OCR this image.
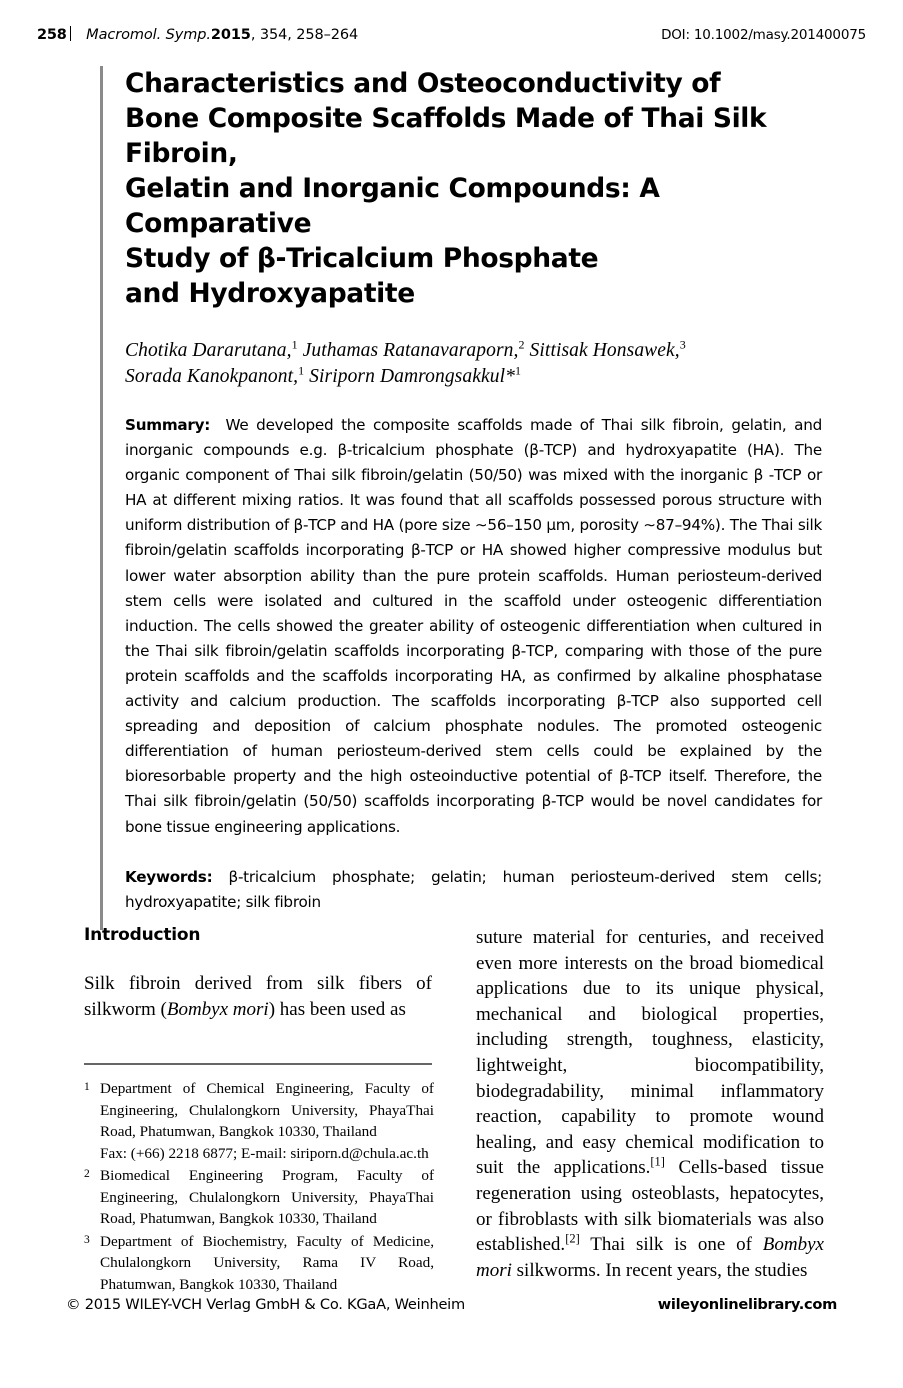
258 Macromol. Symp.2015, 354, 258–264	DOI: 10.1002/masy.201400075
Characteristics and Osteoconductivity of
Bone Composite Scaffolds Made of Thai Silk Fibroin,
Gelatin and Inorganic Compounds: A Comparative
Study of β-Tricalcium Phosphate
and Hydroxyapatite
Chotika Dararutana,$^1$ Juthamas Ratanavaraporn,$^2$ Sittisak Honsawek,$^3$
Sorada Kanokpanont,$^1$ Siriporn Damrongsakkul*$^1$

Summary: We developed the composite scaffolds made of Thai silk fibroin, gelatin, and inorganic compounds e.g. β-tricalcium phosphate (β-TCP) and hydroxyapatite (HA). The organic component of Thai silk fibroin/gelatin (50/50) was mixed with the inorganic β -TCP or HA at different mixing ratios. It was found that all scaffolds possessed porous structure with uniform distribution of β-TCP and HA (pore size ∼56–150 μm, porosity ∼87–94%). The Thai silk fibroin/gelatin scaffolds incorporating β-TCP or HA showed higher compressive modulus but lower water absorption ability than the pure protein scaffolds. Human periosteum-derived stem cells were isolated and cultured in the scaffold under osteogenic differentiation induction. The cells showed the greater ability of osteogenic differentiation when cultured in the Thai silk fibroin/gelatin scaffolds incorporating β-TCP, comparing with those of the pure protein scaffolds and the scaffolds incorporating HA, as confirmed by alkaline phosphatase activity and calcium production. The scaffolds incorporating β-TCP also supported cell spreading and deposition of calcium phosphate nodules. The promoted osteogenic differentiation of human periosteum-derived stem cells could be explained by the bioresorbable property and the high osteoinductive potential of β-TCP itself. Therefore, the Thai silk fibroin/gelatin (50/50) scaffolds incorporating β-TCP would be novel candidates for bone tissue engineering applications.

Keywords: β-tricalcium phosphate; gelatin; human periosteum-derived stem cells; hydroxyapatite; silk fibroin

Introduction

Silk fibroin derived from silk fibers of silkworm (Bombyx mori) has been used as

suture material for centuries, and received even more interests on the broad biomedical applications due to its unique physical, mechanical and biological properties, including strength, toughness, elasticity, lightweight, biocompatibility, biodegradability, minimal inflammatory reaction, capability to promote wound healing, and easy chemical modification to suit the applications.[1] Cells-based tissue regeneration using osteoblasts, hepatocytes, or fibroblasts with silk biomaterials was also established.[2] Thai silk is one of Bombyx mori silkworms. In recent years, the studies

1 Department of Chemical Engineering, Faculty of Engineering, Chulalongkorn University, PhayaThai Road, Phatumwan, Bangkok 10330, Thailand
Fax: (+66) 2218 6877; E-mail: siriporn.d@chula.ac.th
2 Biomedical Engineering Program, Faculty of Engineering, Chulalongkorn University, PhayaThai Road, Phatumwan, Bangkok 10330, Thailand
3 Department of Biochemistry, Faculty of Medicine, Chulalongkorn University, Rama IV Road, Phatumwan, Bangkok 10330, Thailand
© 2015 WILEY-VCH Verlag GmbH & Co. KGaA, Weinheim	wileyonlinelibrary.com
